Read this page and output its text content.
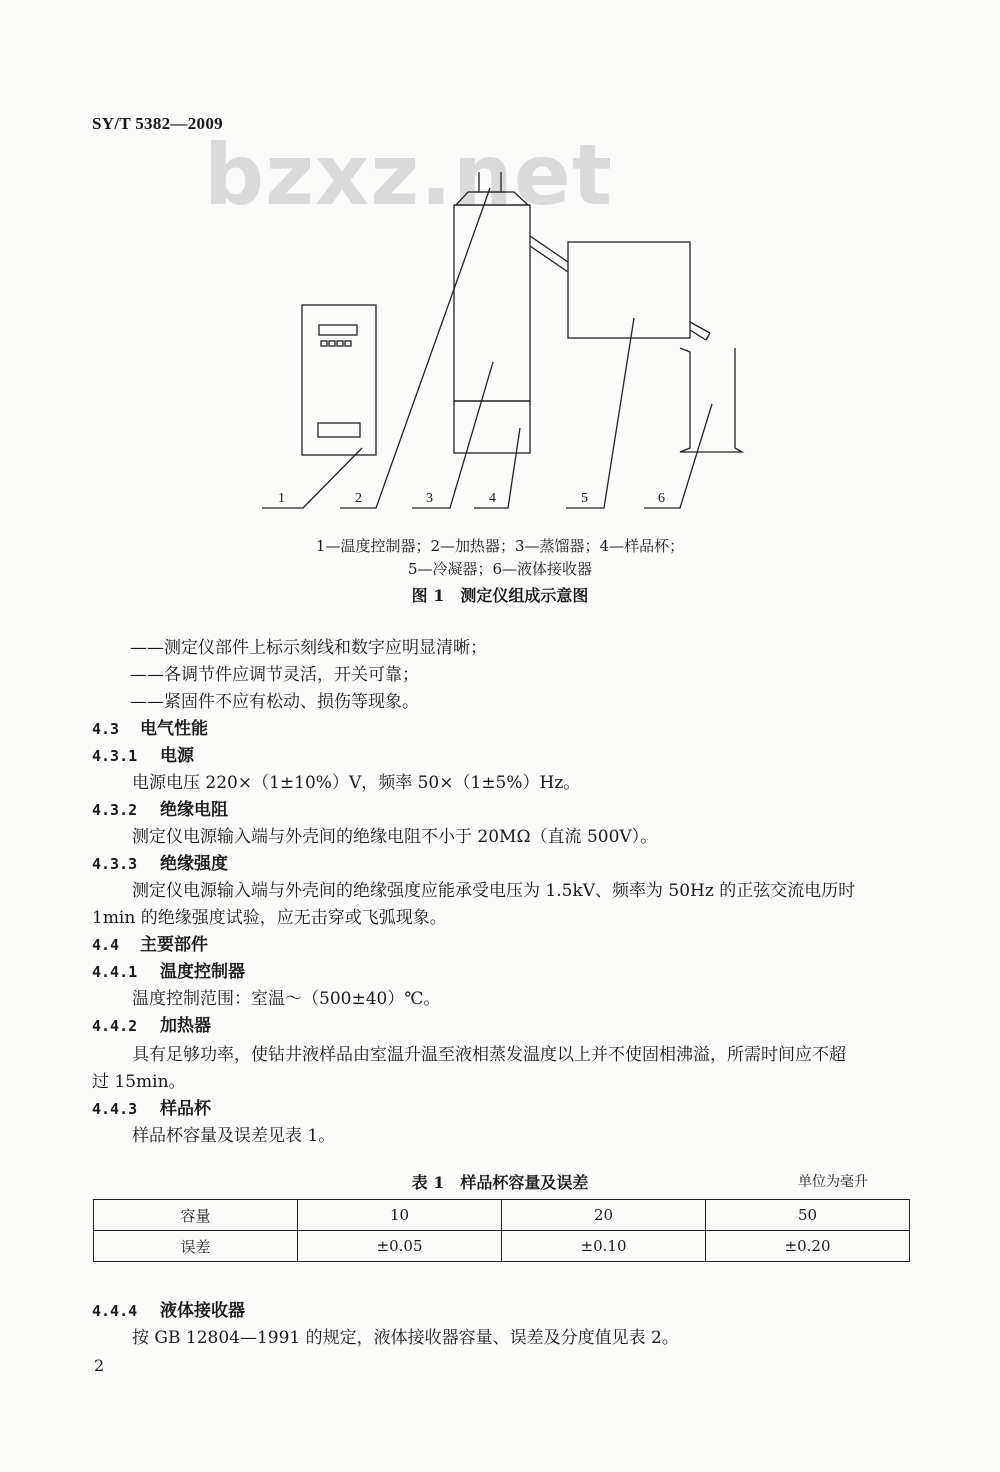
SY/T 5382—2009
bzxz.net
1	2	3	4	5	6
1—温度控制器；2—加热器；3—蒸馏器；4—样品杯；
5—冷凝器；6—液体接收器
图 1　测定仪组成示意图
——测定仪部件上标示刻线和数字应明显清晰；
——各调节件应调节灵活，开关可靠；
——紧固件不应有松动、损伤等现象。
4.3 电气性能
4.3.1 电源
电源电压 220×（1±10%）V，频率 50×（1±5%）Hz。
4.3.2 绝缘电阻
测定仪电源输入端与外壳间的绝缘电阻不小于 20MΩ（直流 500V）。
4.3.3 绝缘强度
测定仪电源输入端与外壳间的绝缘强度应能承受电压为 1.5kV、频率为 50Hz 的正弦交流电历时
1min 的绝缘强度试验，应无击穿或飞弧现象。
4.4 主要部件
4.4.1 温度控制器
温度控制范围：室温～（500±40）℃。
4.4.2 加热器
具有足够功率，使钻井液样品由室温升温至液相蒸发温度以上并不使固相沸溢，所需时间应不超
过 15min。
4.4.3 样品杯
样品杯容量及误差见表 1。
表 1　样品杯容量及误差	单位为毫升
容量	10	20	50
误差	±0.05	±0.10	±0.20
4.4.4 液体接收器
按 GB 12804—1991 的规定，液体接收器容量、误差及分度值见表 2。
2
